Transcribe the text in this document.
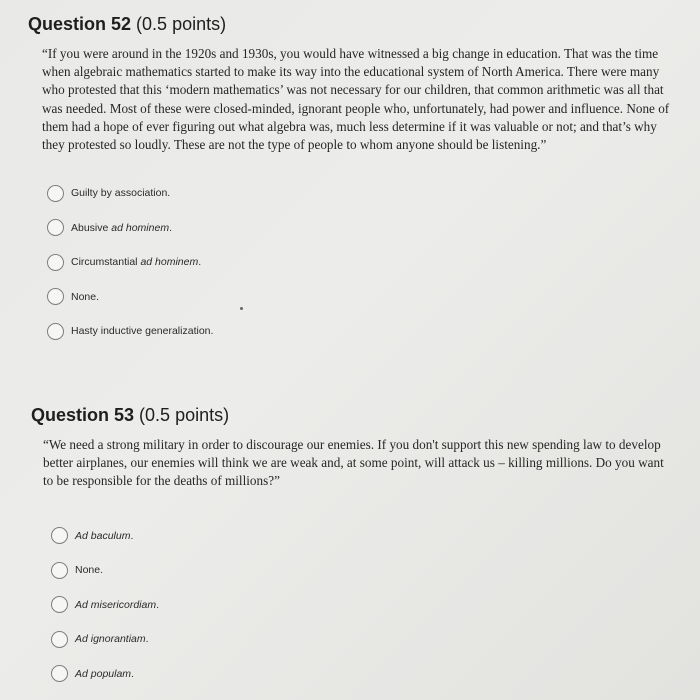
Question 52 (0.5 points)
“If you were around in the 1920s and 1930s, you would have witnessed a big change in education. That was the time when algebraic mathematics started to make its way into the educational system of North America. There were many who protested that this ‘modern mathematics’ was not necessary for our children, that common arithmetic was all that was needed. Most of these were closed-minded, ignorant people who, unfortunately, had power and influence. None of them had a hope of ever figuring out what algebra was, much less determine if it was valuable or not; and that’s why they protested so loudly. These are not the type of people to whom anyone should be listening.”
Guilty by association.
Abusive ad hominem.
Circumstantial ad hominem.
None.
Hasty inductive generalization.
Question 53 (0.5 points)
“We need a strong military in order to discourage our enemies. If you don't support this new spending law to develop better airplanes, our enemies will think we are weak and, at some point, will attack us – killing millions. Do you want to be responsible for the deaths of millions?”
Ad baculum.
None.
Ad misericordiam.
Ad ignorantiam.
Ad populam.
